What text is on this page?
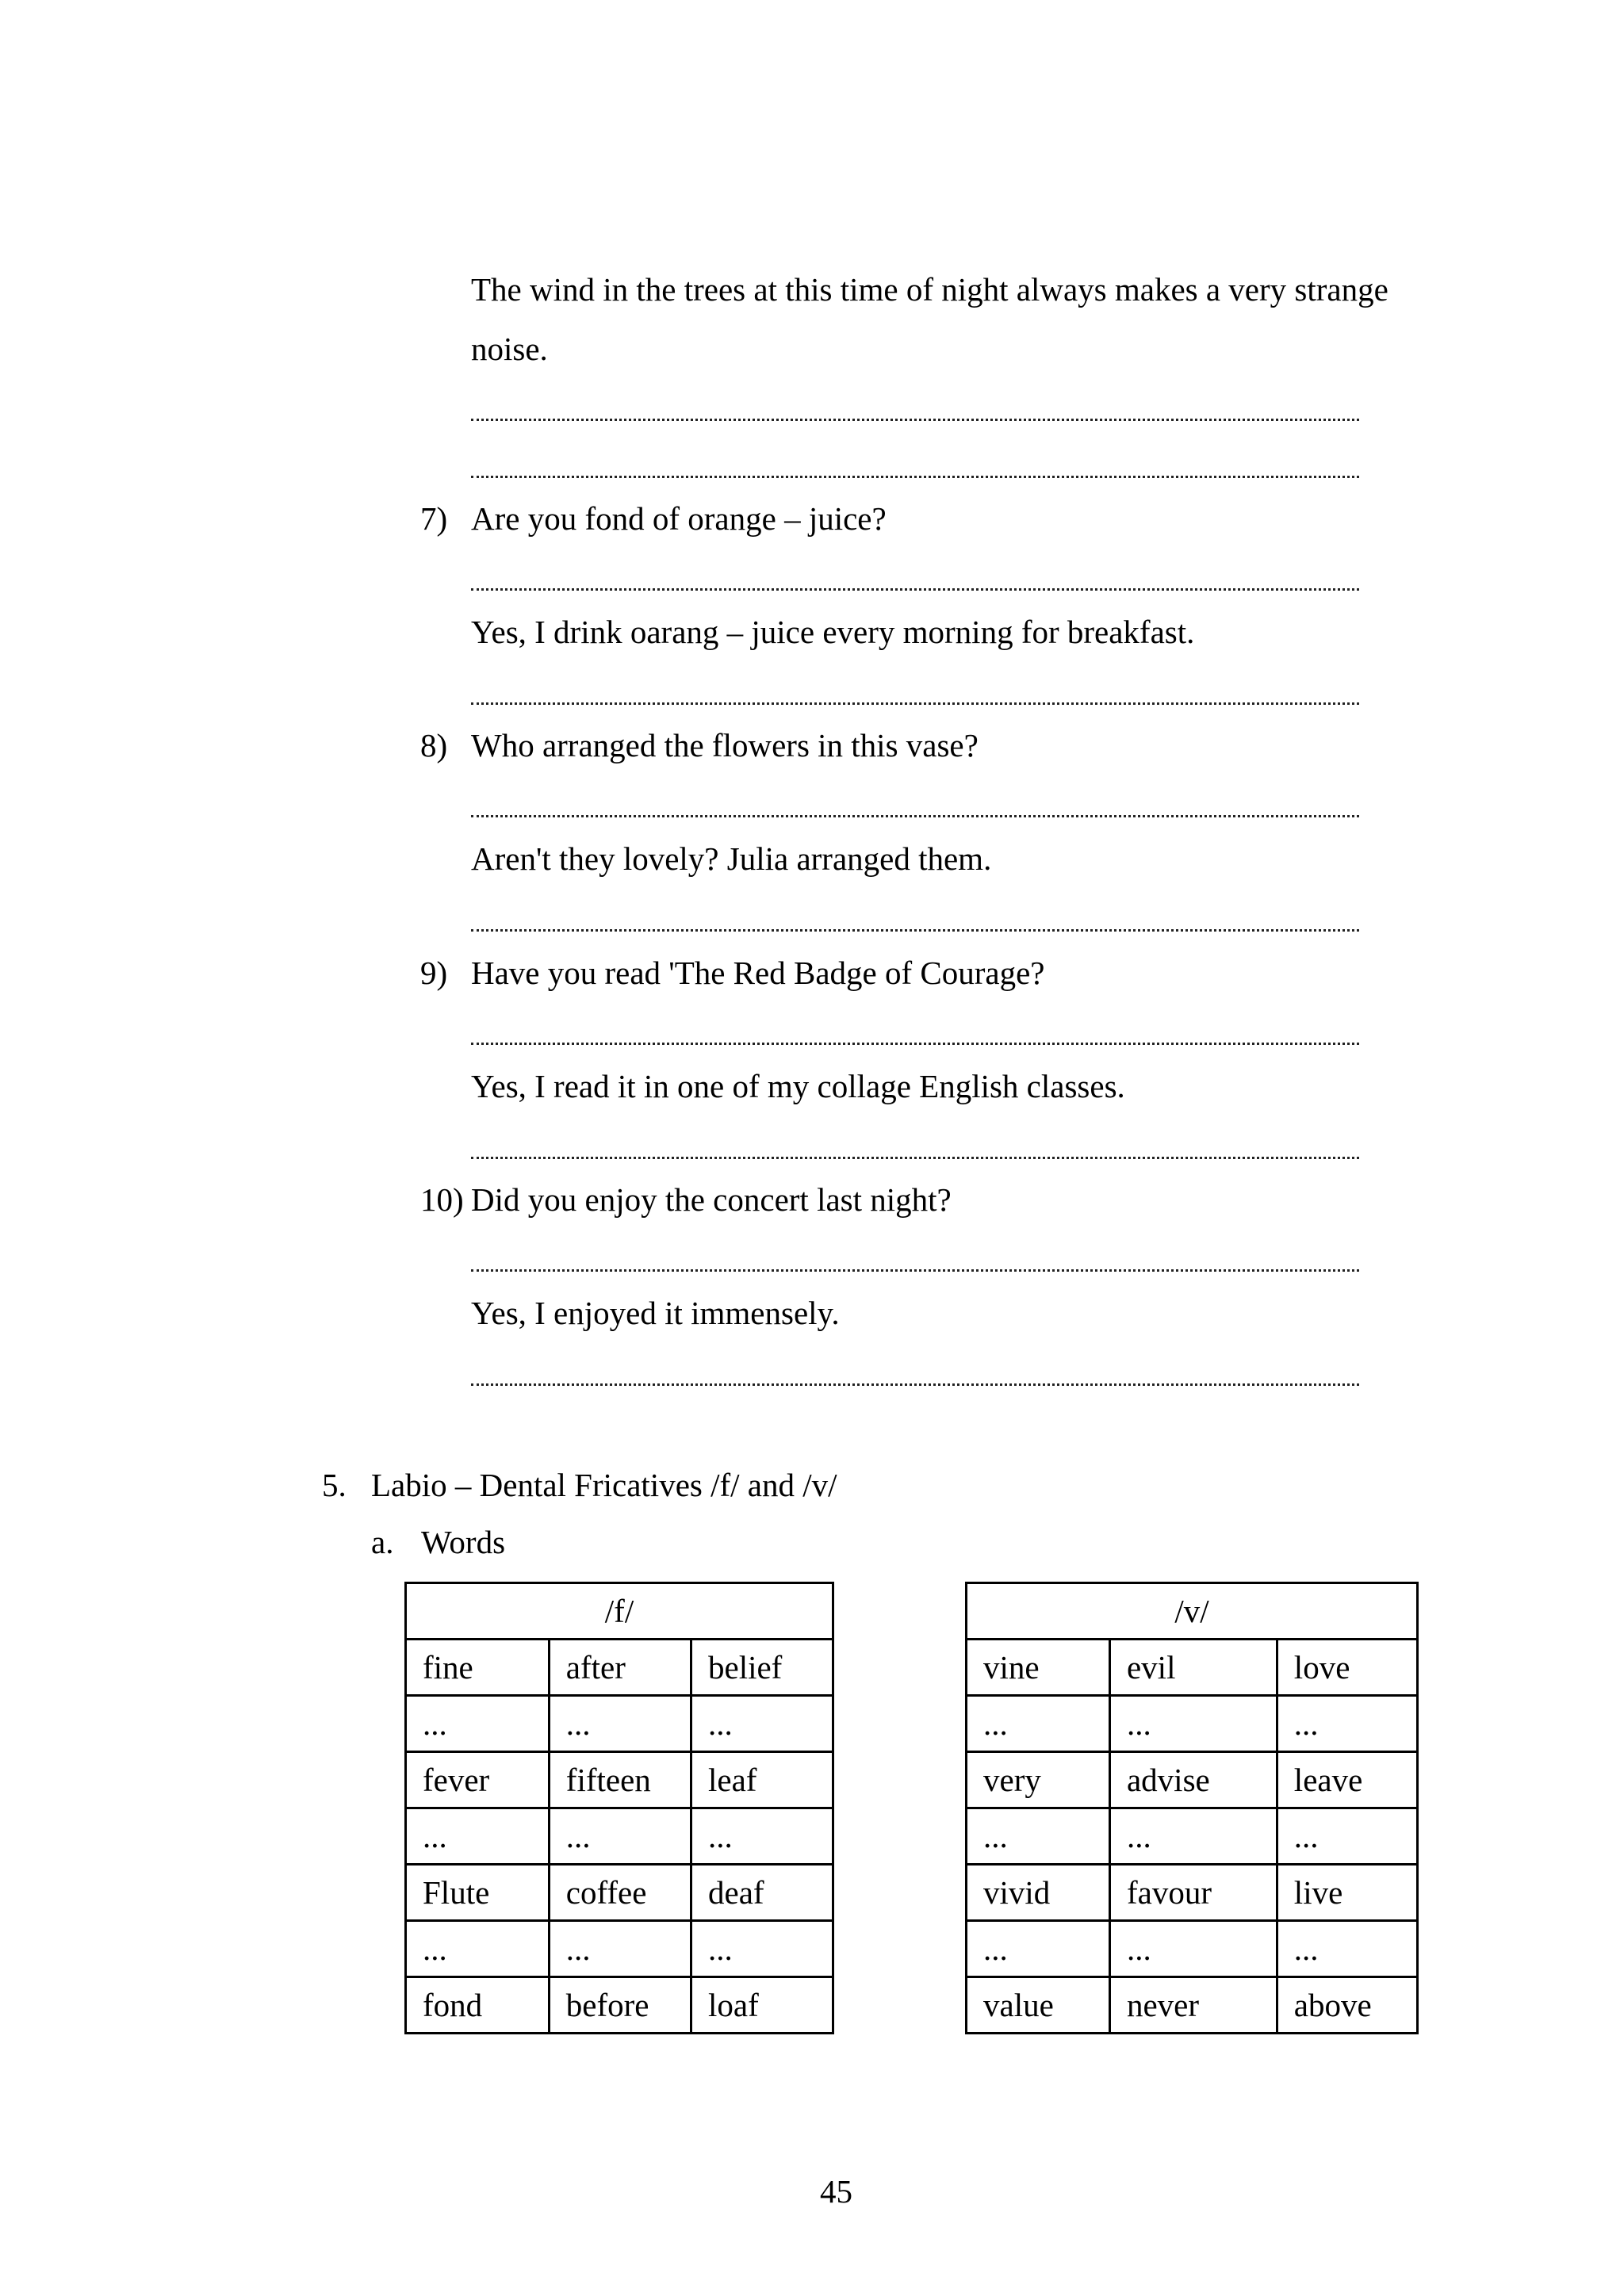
The wind in the trees at this time of night always makes a very strange
noise.
7) Are you fond of orange – juice?
Yes, I drink oarang – juice every morning for breakfast.
8) Who arranged the flowers in this vase?
Aren't they lovely? Julia arranged them.
9) Have you read 'The Red Badge of Courage?
Yes, I read it in one of my collage English classes.
10) Did you enjoy the concert last night?
Yes, I enjoyed it immensely.
5. Labio – Dental Fricatives /f/ and /v/
a. Words
/f/		
fine	after	belief
...	...	...
fever	fifteen	leaf
...	...	...
Flute	coffee	deaf
...	...	...
fond	before	loaf
/v/		
vine	evil	love
...	...	...
very	advise	leave
...	...	...
vivid	favour	live
...	...	...
value	never	above
45
